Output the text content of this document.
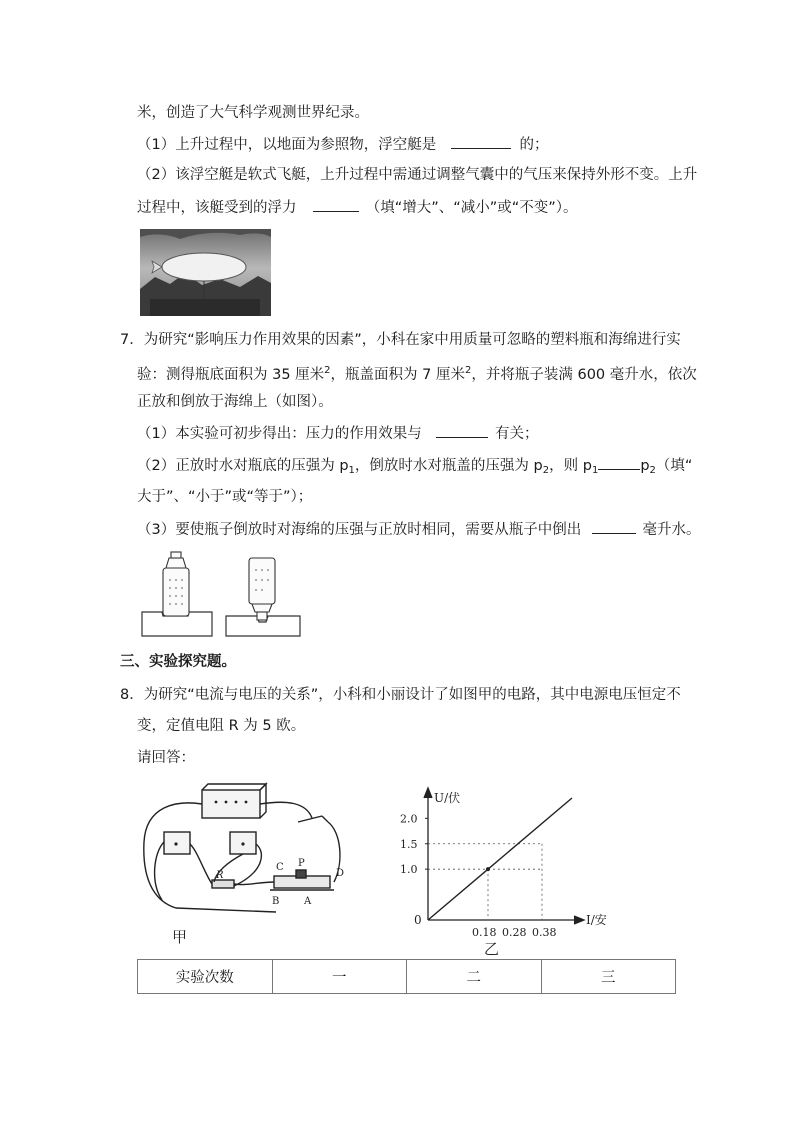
米，创造了大气科学观测世界纪录。
（1）上升过程中，以地面为参照物，浮空艇是	的；
（2）该浮空艇是软式飞艇，上升过程中需通过调整气囊中的气压来保持外形不变。上升
过程中，该艇受到的浮力	（填“增大”、“减小”或“不变”）。
7．为研究“影响压力作用效果的因素”，小科在家中用质量可忽略的塑料瓶和海绵进行实
验：测得瓶底面积为 35 厘米$^2$，瓶盖面积为 7 厘米$^2$，并将瓶子装满 600 毫升水，依次
正放和倒放于海绵上（如图）。
（1）本实验可初步得出：压力的作用效果与	有关；
（2）正放时水对瓶底的压强为 $p_1$，倒放时水对瓶盖的压强为 $p_2$，则 $p_1$	$p_2$（填“
大于”、“小于”或“等于”）；
（3）要使瓶子倒放时对海绵的压强与正放时相同，需要从瓶子中倒出	毫升水。
三、实验探究题。
8．为研究“电流与电压的关系”，小科和小丽设计了如图甲的电路，其中电源电压恒定不
变，定值电阻 R 为 5 欧。
请回答：
R
C P
D
A
B
甲
1.0
1.5
2.0
0.18 0.28 0.38
U/伏
I/安
0
乙
实验次数	一	二	三
